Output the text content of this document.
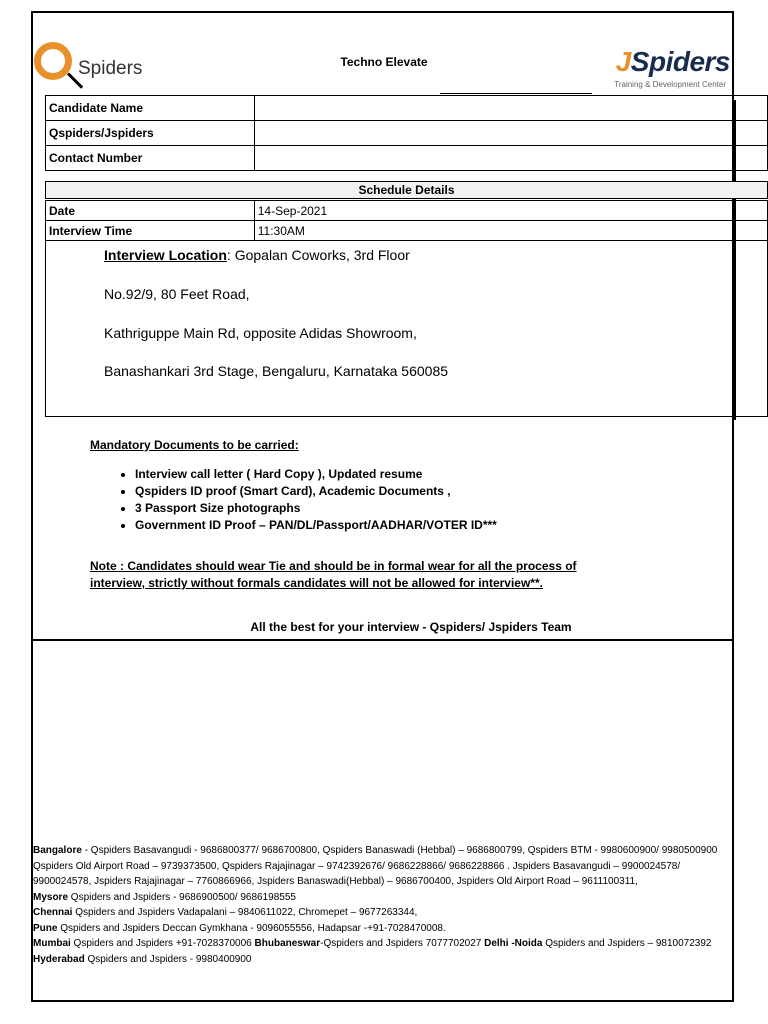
Spiders	Techno Elevate	JSpiders
Training & Development Center
Candidate Name	
Qspiders/Jspiders	
Contact Number	
Schedule Details
Date	14-Sep-2021
Interview Time	11:30AM
Interview Location: Gopalan Coworks, 3rd Floor
No.92/9, 80 Feet Road,
Kathriguppe Main Rd, opposite Adidas Showroom,
Banashankari 3rd Stage, Bengaluru, Karnataka 560085
Mandatory Documents to be carried:
• Interview call letter ( Hard Copy ), Updated resume
• Qspiders ID proof (Smart Card), Academic Documents ,
• 3 Passport Size photographs
• Government ID Proof – PAN/DL/Passport/AADHAR/VOTER ID***
Note : Candidates should wear Tie and should be in formal wear for all the process of interview, strictly without formals candidates will not be allowed for interview**.
All the best for your interview - Qspiders/ Jspiders Team
Bangalore - Qspiders Basavangudi - 9686800377/ 9686700800, Qspiders Banaswadi (Hebbal) – 9686800799, Qspiders BTM - 9980600900/ 9980500900 Qspiders Old Airport Road – 9739373500, Qspiders Rajajinagar – 9742392676/ 9686228866/ 9686228866 . Jspiders Basavangudi – 9900024578/ 9900024578, Jspiders Rajajinagar – 7760866966, Jspiders Banaswadi(Hebbal) – 9686700400, Jspiders Old Airport Road – 9611100311,
Mysore Qspiders and Jspiders - 9686900500/ 9686198555
Chennai Qspiders and Jspiders Vadapalani – 9840611022, Chromepet – 9677263344,
Pune Qspiders and Jspiders Deccan Gymkhana - 9096055556, Hadapsar -+91-7028470008.
Mumbai Qspiders and Jspiders +91-7028370006 Bhubaneswar-Qspiders and Jspiders 7077702027 Delhi -Noida Qspiders and Jspiders – 9810072392 Hyderabad Qspiders and Jspiders - 9980400900
